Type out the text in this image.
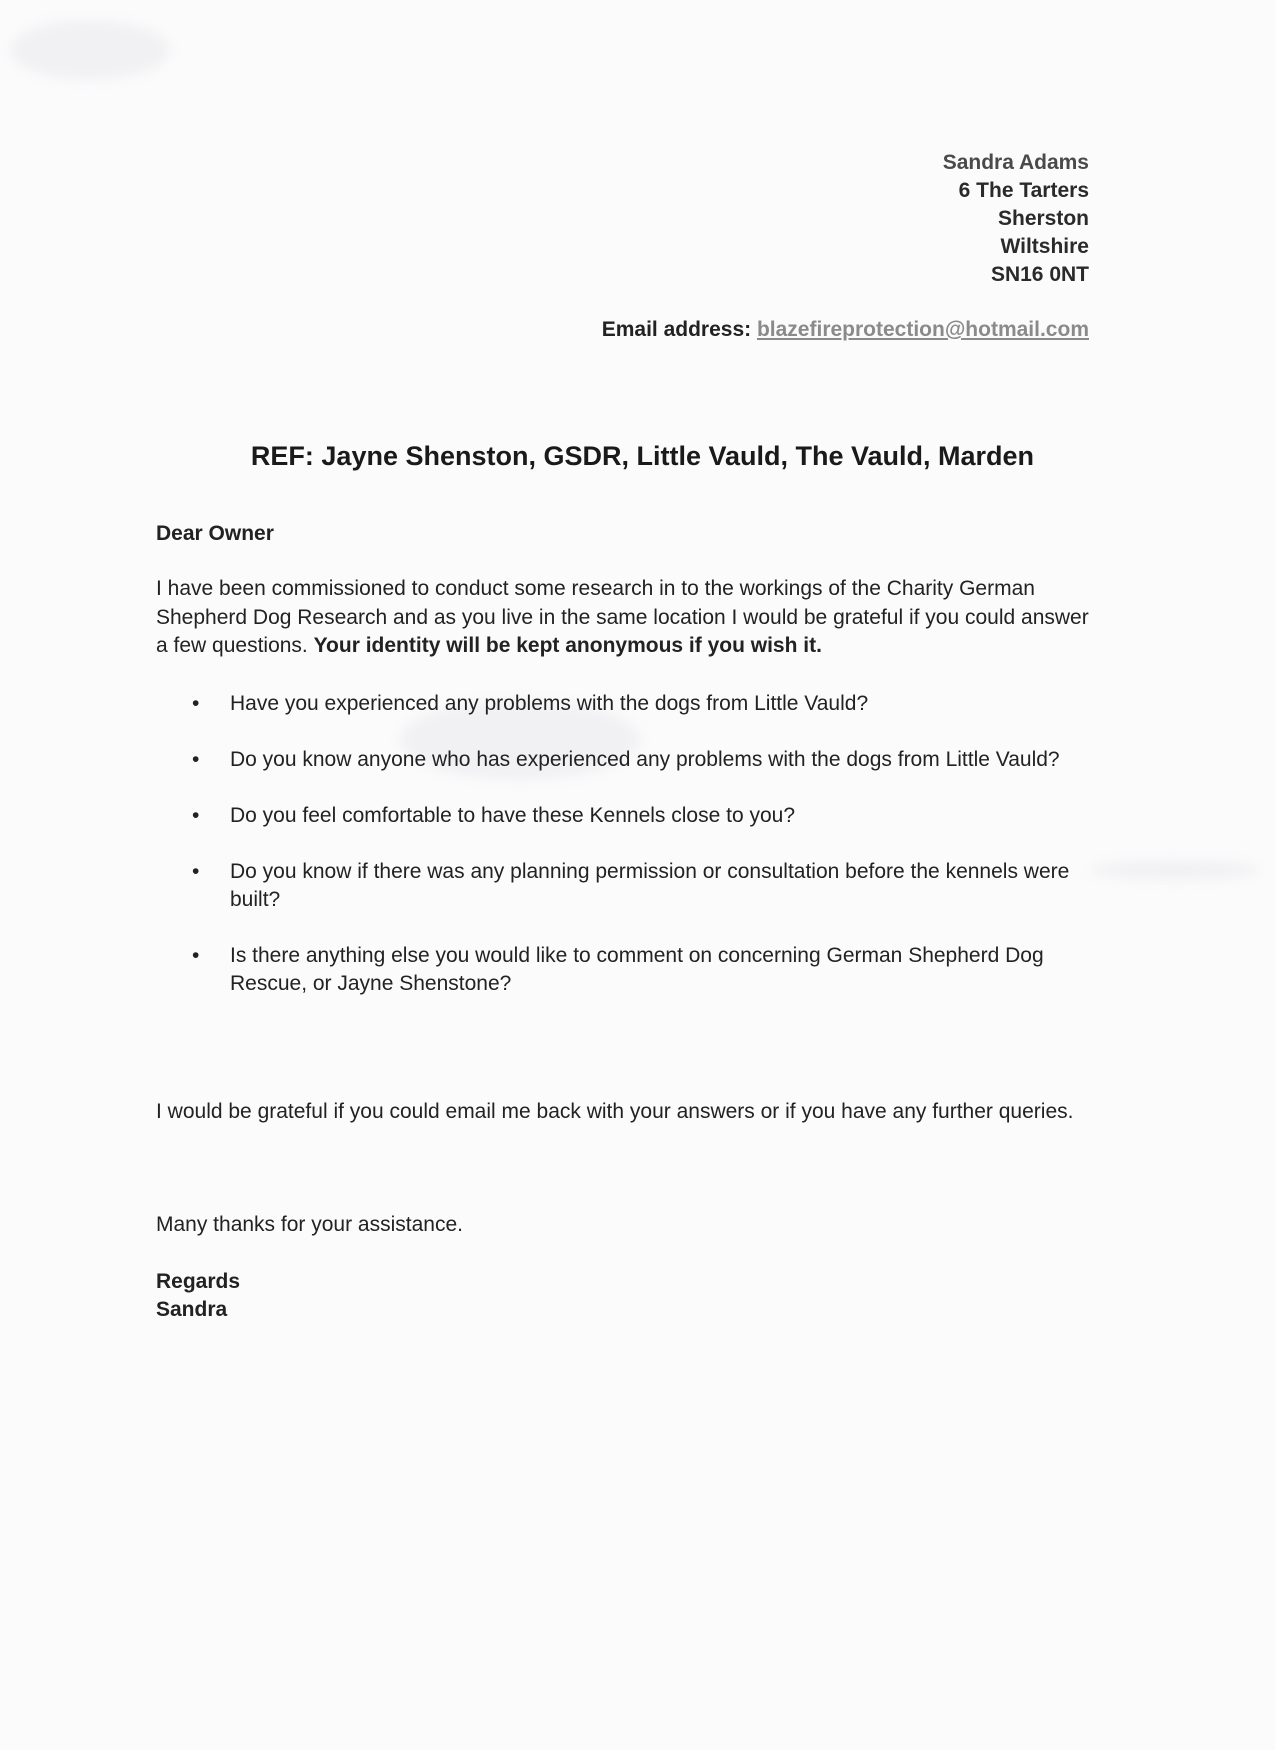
Sandra Adams
6 The Tarters
Sherston
Wiltshire
SN16 0NT
Email address: blazefireprotection@hotmail.com
REF: Jayne Shenston, GSDR, Little Vauld, The Vauld, Marden
Dear Owner
I have been commissioned to conduct some research in to the workings of the Charity German Shepherd Dog Research and as you live in the same location I would be grateful if you could answer a few questions. Your identity will be kept anonymous if you wish it.
• Have you experienced any problems with the dogs from Little Vauld?
• Do you know anyone who has experienced any problems with the dogs from Little Vauld?
• Do you feel comfortable to have these Kennels close to you?
• Do you know if there was any planning permission or consultation before the kennels were built?
• Is there anything else you would like to comment on concerning German Shepherd Dog Rescue, or Jayne Shenstone?
I would be grateful if you could email me back with your answers or if you have any further queries.
Many thanks for your assistance.
Regards
Sandra
